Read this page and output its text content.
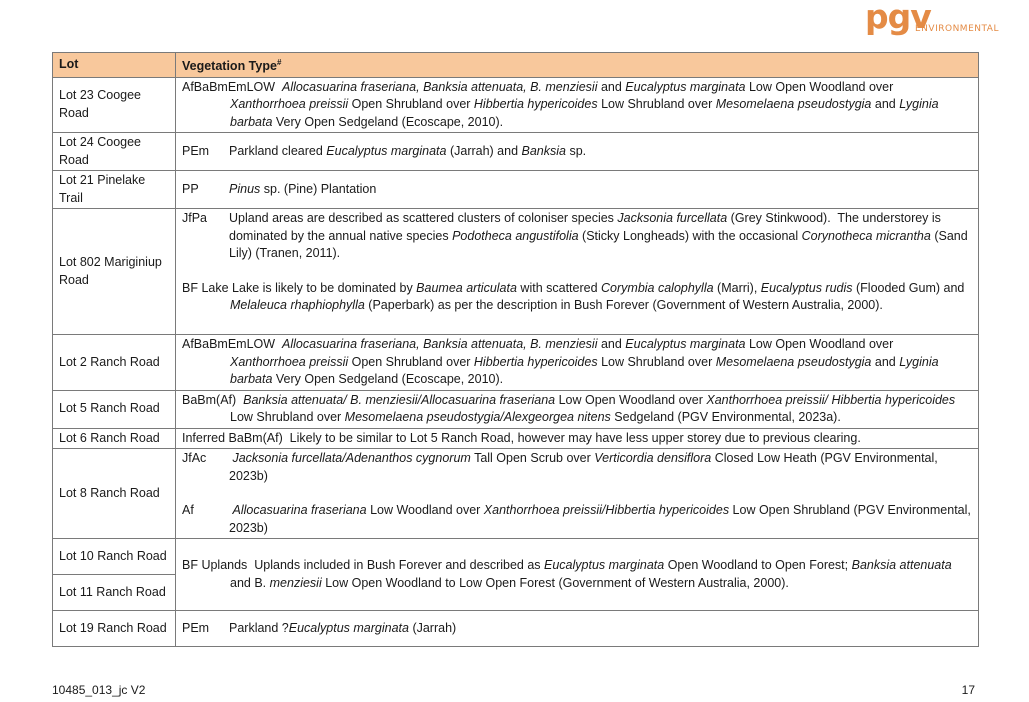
pgv
ENVIRONMENTAL
Lot	Vegetation Type#
Lot 23 Coogee Road	AfBaBmEmLOW Allocasuarina fraseriana, Banksia attenuata, B. menziesii and Eucalyptus marginata Low Open Woodland over Xanthorrhoea preissii Open Shrubland over Hibbertia hypericoides Low Shrubland over Mesomelaena pseudostygia and Lyginia barbata Very Open Sedgeland (Ecoscape, 2010).

Lot 24 Coogee Road	PEm Parkland cleared Eucalyptus marginata (Jarrah) and Banksia sp.

Lot 21 Pinelake Trail	PP Pinus sp. (Pine) Plantation

Lot 802 Mariginiup Road	JfPa Upland areas are described as scattered clusters of coloniser species Jacksonia furcellata (Grey Stinkwood).  The understorey is dominated by the annual native species Podotheca angustifolia (Sticky Longheads) with the occasional Corynotheca micrantha (Sand Lily) (Tranen, 2011).
BF Lake Lake is likely to be dominated by Baumea articulata with scattered Corymbia calophylla (Marri), Eucalyptus rudis (Flooded Gum) and Melaleuca rhaphiophylla (Paperbark) as per the description in Bush Forever (Government of Western Australia, 2000).

Lot 2 Ranch Road	AfBaBmEmLOW Allocasuarina fraseriana, Banksia attenuata, B. menziesii and Eucalyptus marginata Low Open Woodland over Xanthorrhoea preissii Open Shrubland over Hibbertia hypericoides Low Shrubland over Mesomelaena pseudostygia and Lyginia barbata Very Open Sedgeland (Ecoscape, 2010).

Lot 5 Ranch Road	BaBm(Af) Banksia attenuata/ B. menziesii/Allocasuarina fraseriana Low Open Woodland over Xanthorrhoea preissii/ Hibbertia hypericoides Low Shrubland over Mesomelaena pseudostygia/Alexgeorgea nitens Sedgeland (PGV Environmental, 2023a).

Lot 6 Ranch Road	Inferred BaBm(Af)  Likely to be similar to Lot 5 Ranch Road, however may have less upper storey due to previous clearing.

Lot 8 Ranch Road	JfAc Jacksonia furcellata/Adenanthos cygnorum Tall Open Scrub over Verticordia densiflora Closed Low Heath (PGV Environmental, 2023b)
Af Allocasuarina fraseriana Low Woodland over Xanthorrhoea preissii/Hibbertia hypericoides Low Open Shrubland (PGV Environmental, 2023b)

Lot 10 Ranch Road	BF Uplands  Uplands included in Bush Forever and described as Eucalyptus marginata Open Woodland to Open Forest; Banksia attenuata and B. menziesii Low Open Woodland to Low Open Forest (Government of Western Australia, 2000).

Lot 11 Ranch Road	
Lot 19 Ranch Road	PEm Parkland ?Eucalyptus marginata (Jarrah)
10485_013_jc V2	17
